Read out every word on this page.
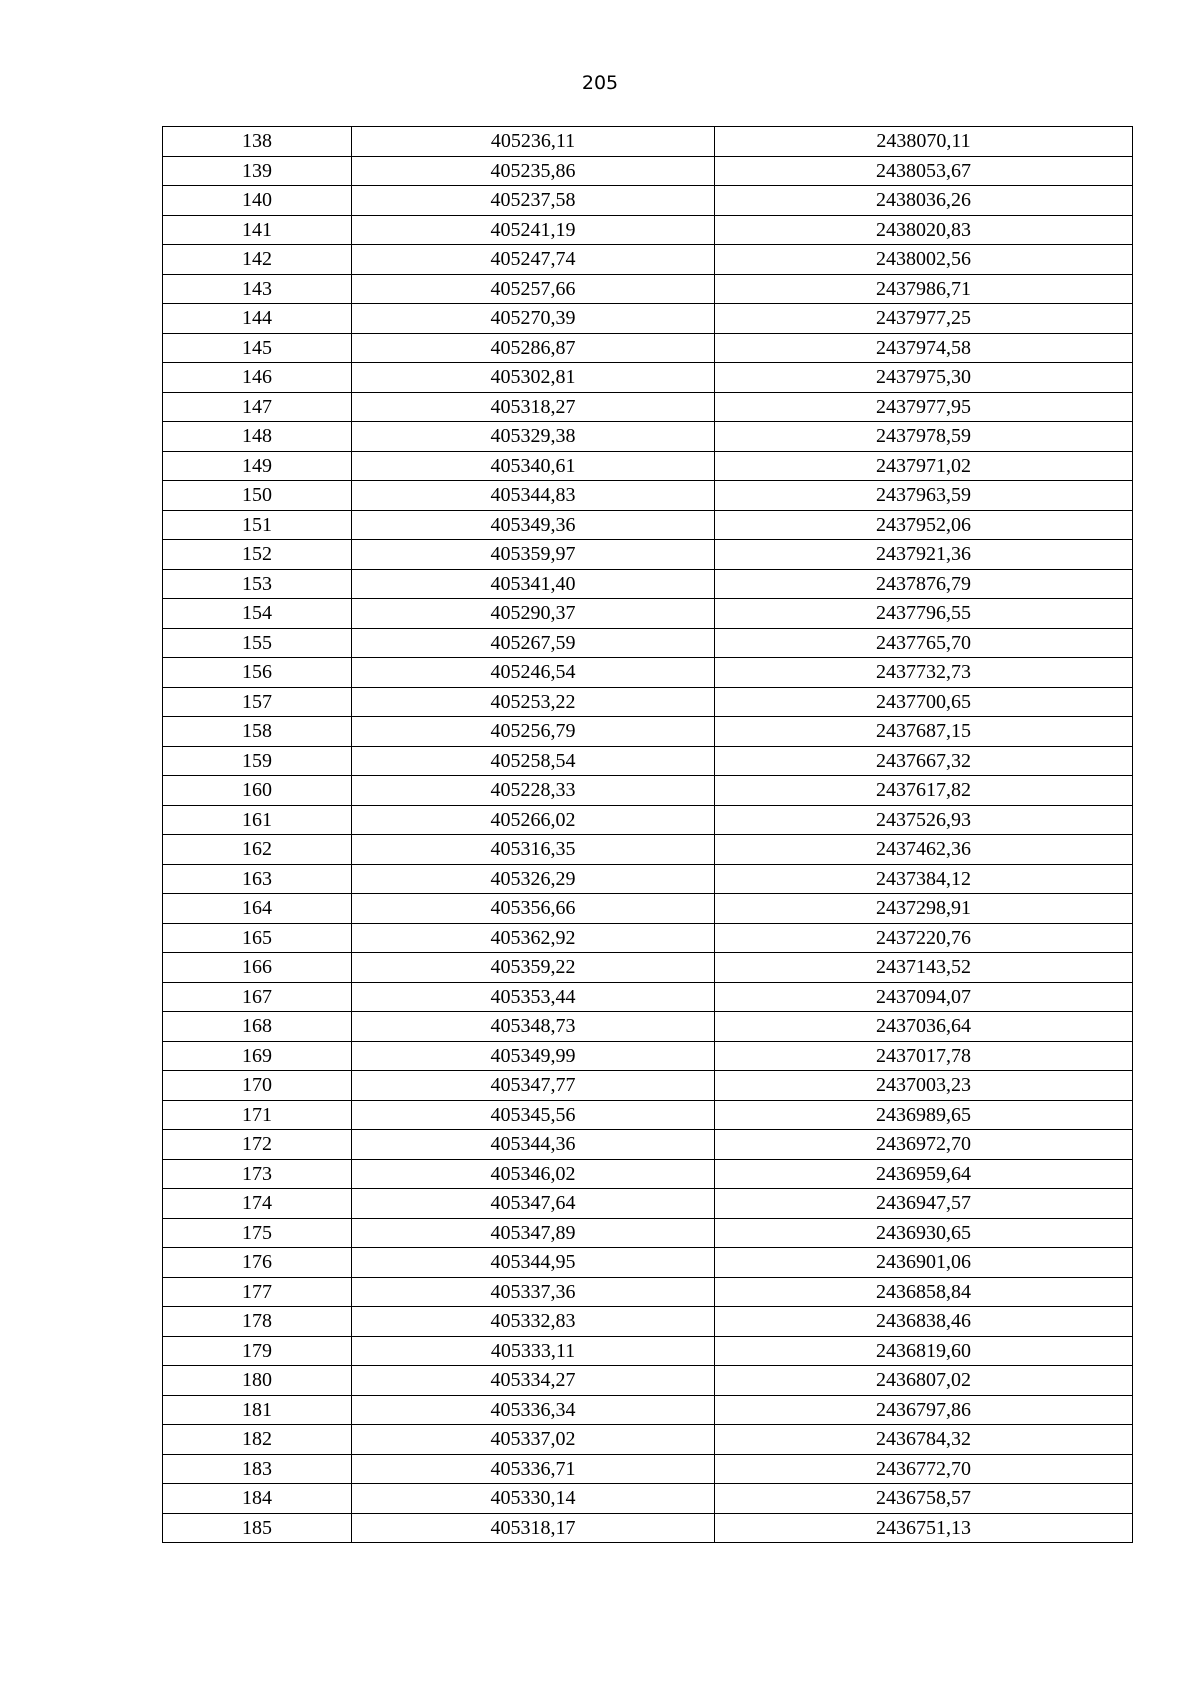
205
138	405236,11	2438070,11
139	405235,86	2438053,67
140	405237,58	2438036,26
141	405241,19	2438020,83
142	405247,74	2438002,56
143	405257,66	2437986,71
144	405270,39	2437977,25
145	405286,87	2437974,58
146	405302,81	2437975,30
147	405318,27	2437977,95
148	405329,38	2437978,59
149	405340,61	2437971,02
150	405344,83	2437963,59
151	405349,36	2437952,06
152	405359,97	2437921,36
153	405341,40	2437876,79
154	405290,37	2437796,55
155	405267,59	2437765,70
156	405246,54	2437732,73
157	405253,22	2437700,65
158	405256,79	2437687,15
159	405258,54	2437667,32
160	405228,33	2437617,82
161	405266,02	2437526,93
162	405316,35	2437462,36
163	405326,29	2437384,12
164	405356,66	2437298,91
165	405362,92	2437220,76
166	405359,22	2437143,52
167	405353,44	2437094,07
168	405348,73	2437036,64
169	405349,99	2437017,78
170	405347,77	2437003,23
171	405345,56	2436989,65
172	405344,36	2436972,70
173	405346,02	2436959,64
174	405347,64	2436947,57
175	405347,89	2436930,65
176	405344,95	2436901,06
177	405337,36	2436858,84
178	405332,83	2436838,46
179	405333,11	2436819,60
180	405334,27	2436807,02
181	405336,34	2436797,86
182	405337,02	2436784,32
183	405336,71	2436772,70
184	405330,14	2436758,57
185	405318,17	2436751,13
